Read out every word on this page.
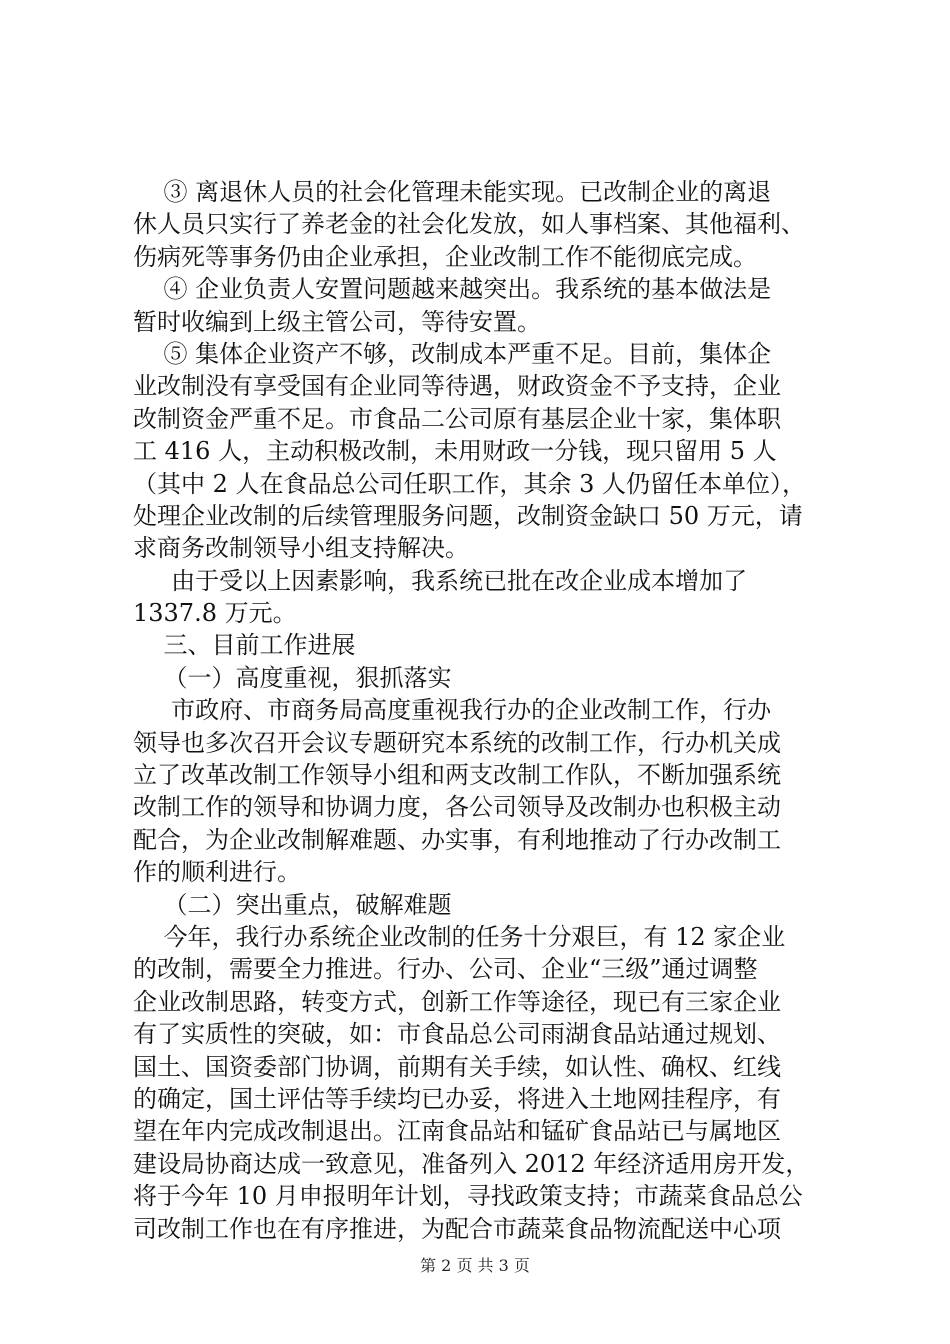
③ 离退休人员的社会化管理未能实现。已改制企业的离退
休人员只实行了养老金的社会化发放，如人事档案、其他福利、
伤病死等事务仍由企业承担，企业改制工作不能彻底完成。
④ 企业负责人安置问题越来越突出。我系统的基本做法是
暂时收编到上级主管公司，等待安置。
⑤ 集体企业资产不够，改制成本严重不足。目前，集体企
业改制没有享受国有企业同等待遇，财政资金不予支持，企业
改制资金严重不足。市食品二公司原有基层企业十家，集体职
工 416 人，主动积极改制，未用财政一分钱，现只留用 5 人
（其中 2 人在食品总公司任职工作，其余 3 人仍留任本单位），
处理企业改制的后续管理服务问题，改制资金缺口 50 万元，请
求商务改制领导小组支持解决。
由于受以上因素影响，我系统已批在改企业成本增加了
1337.8 万元。
三、目前工作进展
（一）高度重视，狠抓落实
市政府、市商务局高度重视我行办的企业改制工作，行办
领导也多次召开会议专题研究本系统的改制工作，行办机关成
立了改革改制工作领导小组和两支改制工作队，不断加强系统
改制工作的领导和协调力度，各公司领导及改制办也积极主动
配合，为企业改制解难题、办实事，有利地推动了行办改制工
作的顺利进行。
（二）突出重点，破解难题
今年，我行办系统企业改制的任务十分艰巨，有 12 家企业
的改制，需要全力推进。行办、公司、企业“三级”通过调整
企业改制思路，转变方式，创新工作等途径，现已有三家企业
有了实质性的突破，如：市食品总公司雨湖食品站通过规划、
国土、国资委部门协调，前期有关手续，如认性、确权、红线
的确定，国土评估等手续均已办妥，将进入土地网挂程序，有
望在年内完成改制退出。江南食品站和锰矿食品站已与属地区
建设局协商达成一致意见，准备列入 2012 年经济适用房开发，
将于今年 10 月申报明年计划，寻找政策支持；市蔬菜食品总公
司改制工作也在有序推进，为配合市蔬菜食品物流配送中心项
第 2 页 共 3 页
